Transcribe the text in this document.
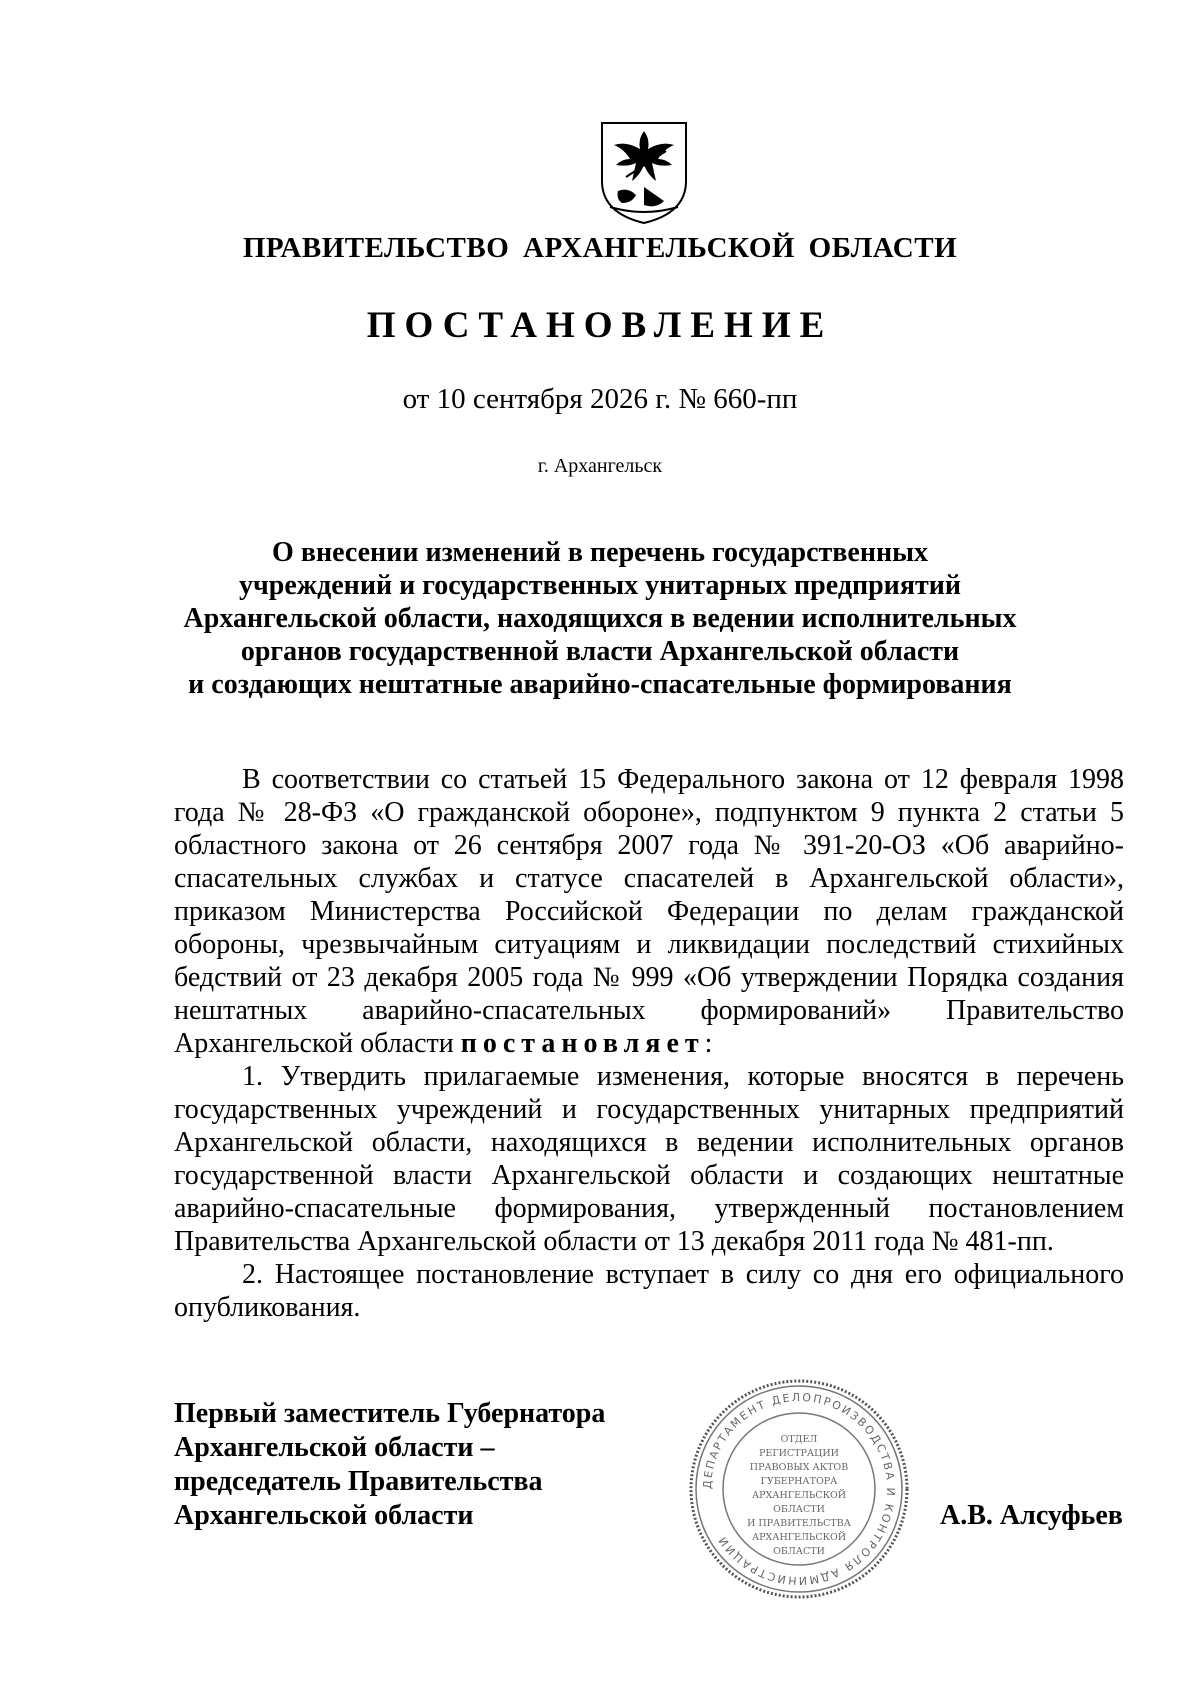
ПРАВИТЕЛЬСТВО АРХАНГЕЛЬСКОЙ ОБЛАСТИ
ПОСТАНОВЛЕНИЕ
от 10 сентября 2026 г. № 660-пп
г. Архангельск
О внесении изменений в перечень государственных
учреждений и государственных унитарных предприятий
Архангельской области, находящихся в ведении исполнительных
органов государственной власти Архангельской области
и создающих нештатные аварийно-спасательные формирования

В соответствии со статьей 15 Федерального закона от 12 февраля 1998 года № 28-ФЗ «О гражданской обороне», подпунктом 9 пункта 2 статьи 5 областного закона от 26 сентября 2007 года № 391-20-ОЗ «Об аварийно-спасательных службах и статусе спасателей в Архангельской области», приказом Министерства Российской Федерации по делам гражданской обороны, чрезвычайным ситуациям и ликвидации последствий стихийных бедствий от 23 декабря 2005 года № 999 «Об утверждении Порядка создания нештатных аварийно-спасательных формирований» Правительство Архангельской области постановляет:

1. Утвердить прилагаемые изменения, которые вносятся в перечень государственных учреждений и государственных унитарных предприятий Архангельской области, находящихся в ведении исполнительных органов государственной власти Архангельской области и создающих нештатные аварийно-спасательные формирования, утвержденный постановлением Правительства Архангельской области от 13 декабря 2011 года № 481-пп.

2. Настоящее постановление вступает в силу со дня его официального опубликования.

Первый заместитель Губернатора
Архангельской области –
председатель Правительства
Архангельской области
ДЕПАРТАМЕНТ ДЕЛОПРОИЗВОДСТВА И КОНТРОЛЯ АДМИНИСТРАЦИИ
ОТДЕЛ
РЕГИСТРАЦИИ
ПРАВОВЫХ АКТОВ
ГУБЕРНАТОРА
АРХАНГЕЛЬСКОЙ
ОБЛАСТИ
И ПРАВИТЕЛЬСТВА
АРХАНГЕЛЬСКОЙ
ОБЛАСТИ
А.В. Алсуфьев
